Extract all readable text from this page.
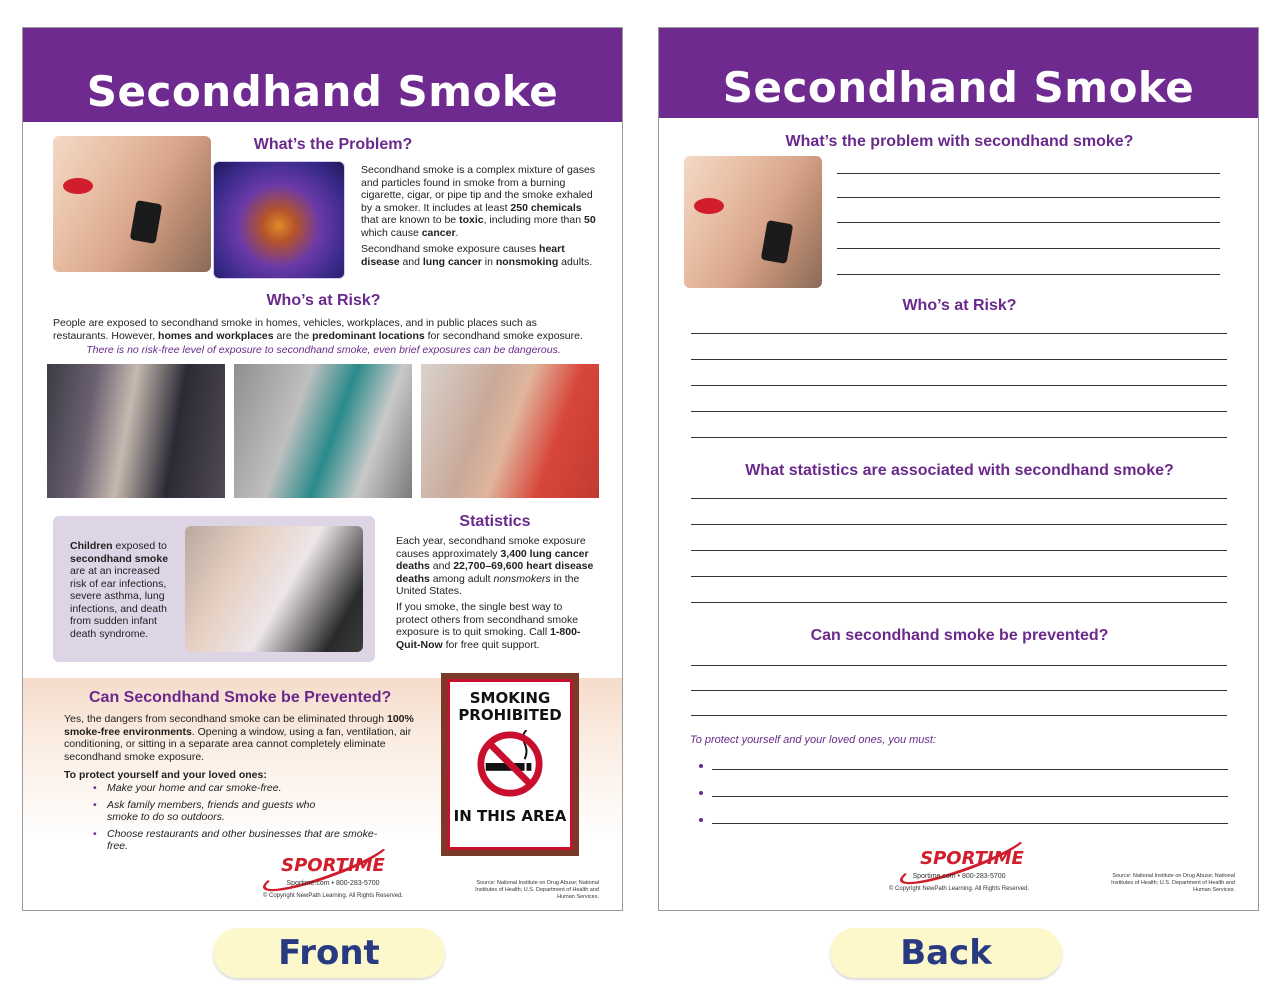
Secondhand Smoke
What’s the Problem?
Secondhand smoke is a complex mixture of gases and particles found in smoke from a burning cigarette, cigar, or pipe tip and the smoke exhaled by a smoker. It includes at least 250 chemicals that are known to be toxic, including more than 50 which cause cancer.
Secondhand smoke exposure causes heart disease and lung cancer in nonsmoking adults.
Who’s at Risk?
People are exposed to secondhand smoke in homes, vehicles, workplaces, and in public places such as restaurants. However, homes and workplaces are the predominant locations for secondhand smoke exposure.
There is no risk-free level of exposure to secondhand smoke, even brief exposures can be dangerous.
Children exposed to secondhand smoke are at an increased risk of ear infections, severe asthma, lung infections, and death from sudden infant death syndrome.
Statistics
Each year, secondhand smoke exposure causes approximately 3,400 lung cancer deaths and 22,700–69,600 heart disease deaths among adult nonsmokers in the United States.
If you smoke, the single best way to protect others from secondhand smoke exposure is to quit smoking. Call 1-800-Quit-Now for free quit support.
Can Secondhand Smoke be Prevented?
Yes, the dangers from secondhand smoke can be eliminated through 100% smoke-free environments. Opening a window, using a fan, ventilation, air conditioning, or sitting in a separate area cannot completely eliminate secondhand smoke exposure.
To protect yourself and your loved ones:
• Make your home and car smoke-free.
• Ask family members, friends and guests who smoke to do so outdoors.
• Choose restaurants and other businesses that are smoke-free.
SMOKING PROHIBITED
IN THIS AREA
SPORTIME
Sportime.com • 800-283-5700
© Copyright NewPath Learning. All Rights Reserved.
Source: National Institute on Drug Abuse; National Institutes of Health; U.S. Department of Health and Human Services.
Secondhand Smoke
What’s the problem with secondhand smoke?
Who’s at Risk?
What statistics are associated with secondhand smoke?
Can secondhand smoke be prevented?
To protect yourself and your loved ones, you must:
SPORTIME
Sportime.com • 800-283-5700
© Copyright NewPath Learning. All Rights Reserved.
Source: National Institute on Drug Abuse; National Institutes of Health; U.S. Department of Health and Human Services.
Front	Back
